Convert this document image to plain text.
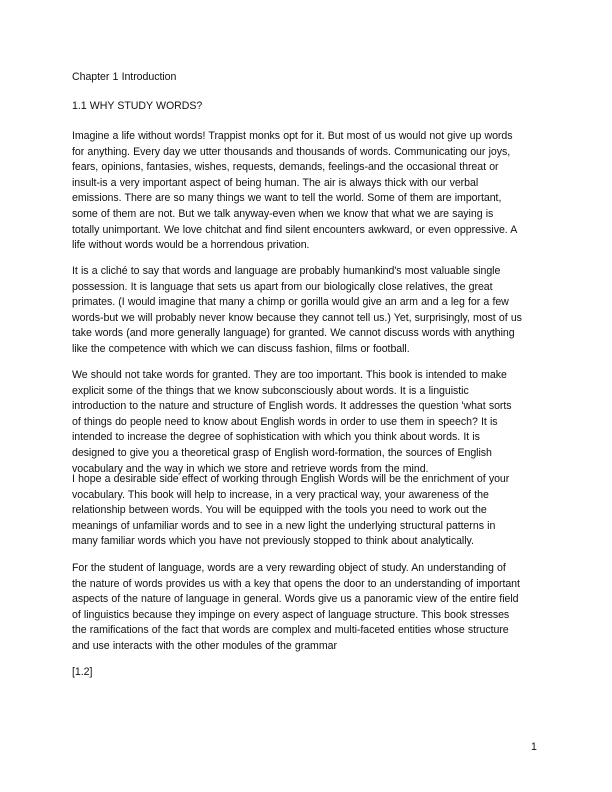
Chapter 1 Introduction

1.1 WHY STUDY WORDS?

Imagine a life without words! Trappist monks opt for it. But most of us would not give up words
for anything. Every day we utter thousands and thousands of words. Communicating our joys,
fears, opinions, fantasies, wishes, requests, demands, feelings-and the occasional threat or
insult-is a very important aspect of being human. The air is always thick with our verbal
emissions. There are so many things we want to tell the world. Some of them are important,
some of them are not. But we talk anyway-even when we know that what we are saying is
totally unimportant. We love chitchat and find silent encounters awkward, or even oppressive. A
life without words would be a horrendous privation.
It is a cliché to say that words and language are probably humankind's most valuable single
possession. It is language that sets us apart from our biologically close relatives, the great
primates. (I would imagine that many a chimp or gorilla would give an arm and a leg for a few
words-but we will probably never know because they cannot tell us.) Yet, surprisingly, most of us
take words (and more generally language) for granted. We cannot discuss words with anything
like the competence with which we can discuss fashion, films or football.
We should not take words for granted. They are too important. This book is intended to make
explicit some of the things that we know subconsciously about words. It is a linguistic
introduction to the nature and structure of English words. It addresses the question 'what sorts
of things do people need to know about English words in order to use them in speech? It is
intended to increase the degree of sophistication with which you think about words. It is
designed to give you a theoretical grasp of English word-formation, the sources of English
vocabulary and the way in which we store and retrieve words from the mind.
I hope a desirable side effect of working through English Words will be the enrichment of your
vocabulary. This book will help to increase, in a very practical way, your awareness of the
relationship between words. You will be equipped with the tools you need to work out the
meanings of unfamiliar words and to see in a new light the underlying structural patterns in
many familiar words which you have not previously stopped to think about analytically.
For the student of language, words are a very rewarding object of study. An understanding of
the nature of words provides us with a key that opens the door to an understanding of important
aspects of the nature of language in general. Words give us a panoramic view of the entire field
of linguistics because they impinge on every aspect of language structure. This book stresses
the ramifications of the fact that words are complex and multi-faceted entities whose structure
and use interacts with the other modules of the grammar

[1.2]

1
